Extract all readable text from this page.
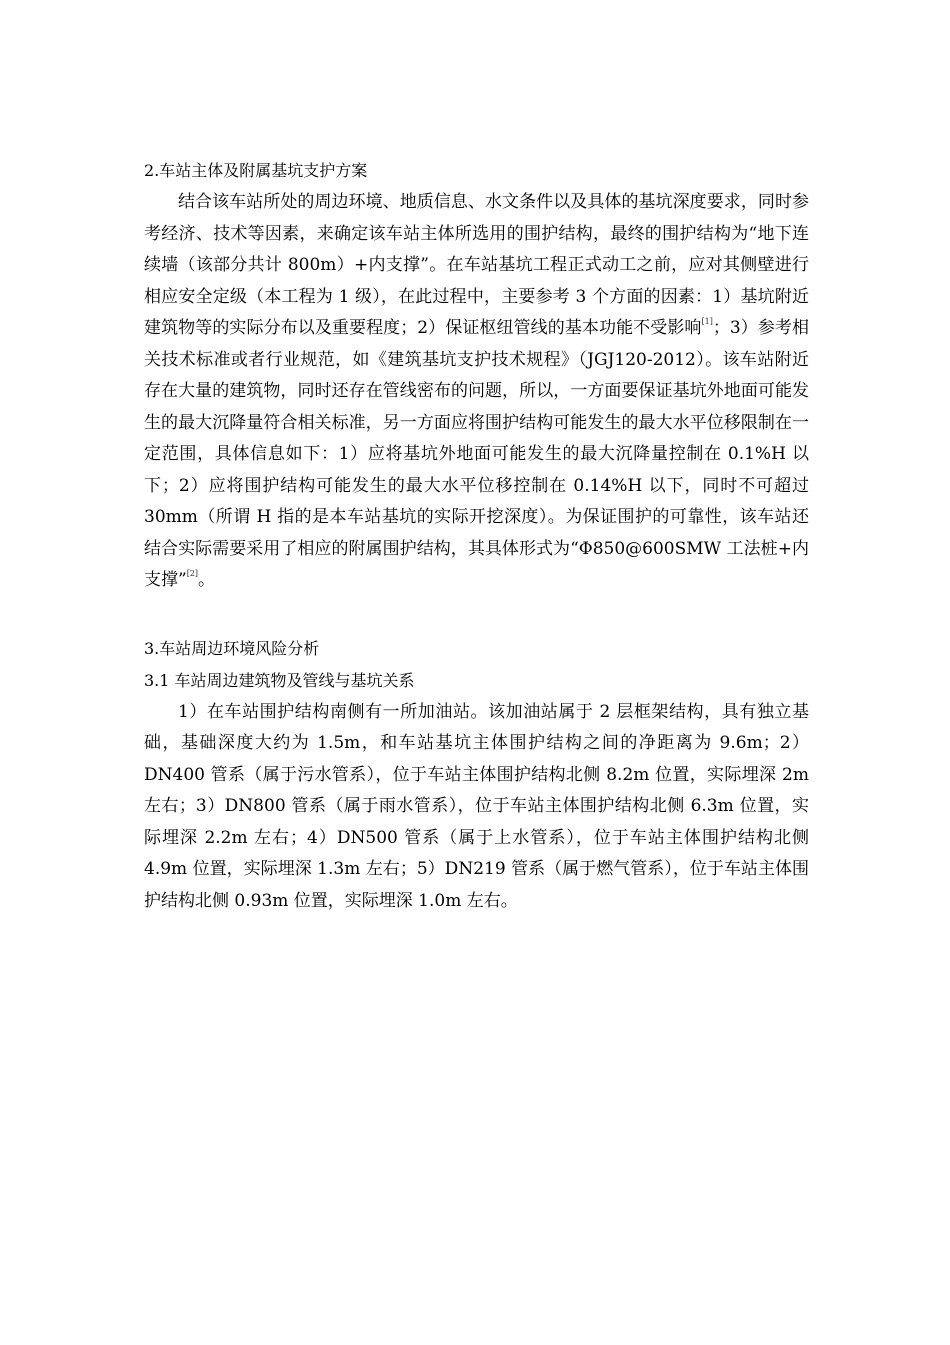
2.车站主体及附属基坑支护方案

结合该车站所处的周边环境、地质信息、水文条件以及具体的基坑深度要求，同时参考经济、技术等因素，来确定该车站主体所选用的围护结构，最终的围护结构为“地下连续墙（该部分共计 800m）+内支撑”。在车站基坑工程正式动工之前，应对其侧壁进行相应安全定级（本工程为 1 级），在此过程中，主要参考 3 个方面的因素：1）基坑附近建筑物等的实际分布以及重要程度；2）保证枢纽管线的基本功能不受影响[1]；3）参考相关技术标准或者行业规范，如《建筑基坑支护技术规程》（JGJ120-2012）。该车站附近存在大量的建筑物，同时还存在管线密布的问题，所以，一方面要保证基坑外地面可能发生的最大沉降量符合相关标准，另一方面应将围护结构可能发生的最大水平位移限制在一定范围，具体信息如下：1）应将基坑外地面可能发生的最大沉降量控制在 0.1%H 以下；2）应将围护结构可能发生的最大水平位移控制在 0.14%H 以下，同时不可超过 30mm（所谓 H 指的是本车站基坑的实际开挖深度）。为保证围护的可靠性，该车站还结合实际需要采用了相应的附属围护结构，其具体形式为“Φ850@600SMW 工法桩+内支撑”[2]。

3.车站周边环境风险分析

3.1 车站周边建筑物及管线与基坑关系

1）在车站围护结构南侧有一所加油站。该加油站属于 2 层框架结构，具有独立基础，基础深度大约为 1.5m，和车站基坑主体围护结构之间的净距离为 9.6m；2）DN400 管系（属于污水管系），位于车站主体围护结构北侧 8.2m 位置，实际埋深 2m 左右；3）DN800 管系（属于雨水管系），位于车站主体围护结构北侧 6.3m 位置，实际埋深 2.2m 左右；4）DN500 管系（属于上水管系），位于车站主体围护结构北侧 4.9m 位置，实际埋深 1.3m 左右；5）DN219 管系（属于燃气管系），位于车站主体围护结构北侧 0.93m 位置，实际埋深 1.0m 左右。
